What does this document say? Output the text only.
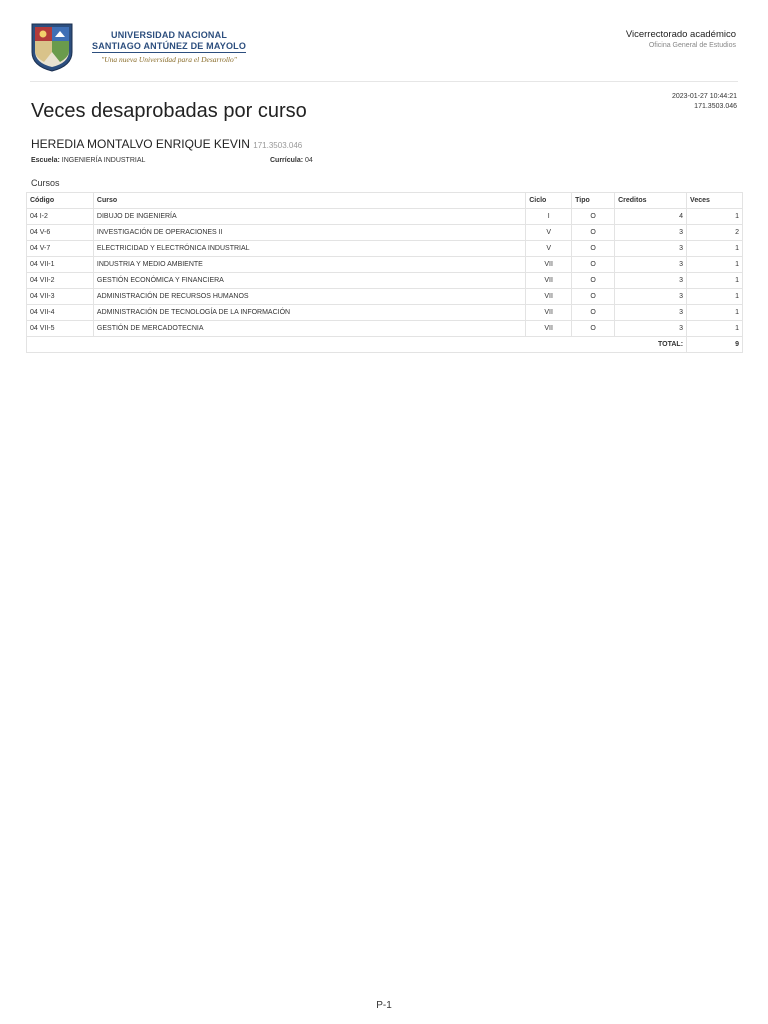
UNIVERSIDAD NACIONAL
SANTIAGO ANTÚNEZ DE MAYOLO
"Una nueva Universidad para el Desarrollo"
Vicerrectorado académico
Oficina General de Estudios
2023-01-27 10:44:21
171.3503.046
Veces desaprobadas por curso
HEREDIA MONTALVO ENRIQUE KEVIN 171.3503.046
Escuela: INGENIERÍA INDUSTRIAL	Currícula: 04
Cursos
Código	Curso	Ciclo	Tipo	Creditos	Veces
04 I-2	DIBUJO DE INGENIERÍA	I	O	4	1
04 V-6	INVESTIGACIÓN DE OPERACIONES II	V	O	3	2
04 V-7	ELECTRICIDAD Y ELECTRÓNICA INDUSTRIAL	V	O	3	1
04 VII-1	INDUSTRIA Y MEDIO AMBIENTE	VII	O	3	1
04 VII-2	GESTIÓN ECONÓMICA Y FINANCIERA	VII	O	3	1
04 VII-3	ADMINISTRACIÓN DE RECURSOS HUMANOS	VII	O	3	1
04 VII-4	ADMINISTRACIÓN DE TECNOLOGÍA DE LA INFORMACIÓN	VII	O	3	1
04 VII-5	GESTIÓN DE MERCADOTECNIA	VII	O	3	1
TOTAL:					9
P-1
